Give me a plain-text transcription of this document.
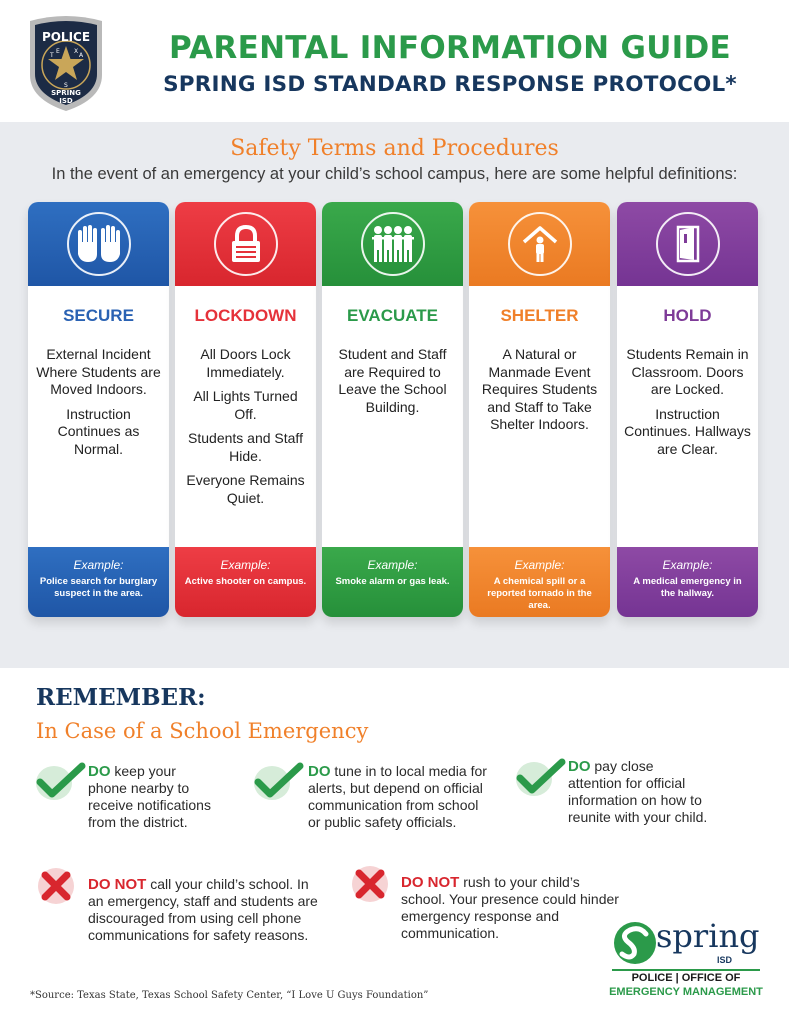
POLICE
T
E X
A
S
SPRING
ISD
PARENTAL INFORMATION GUIDE
SPRING ISD STANDARD RESPONSE PROTOCOL*
Safety Terms and Procedures
In the event of an emergency at your child’s school campus, here are some helpful definitions:
SECURE

External Incident Where Students are Moved Indoors.

Instruction Continues as Normal.

Example:
Police search for burglary suspect in the area.
LOCKDOWN

All Doors Lock Immediately.

All Lights Turned Off.

Students and Staff Hide.

Everyone Remains Quiet.

Example:
Active shooter on campus.
EVACUATE

Student and Staff are Required to Leave the School Building.

Example:
Smoke alarm or gas leak.
SHELTER

A Natural or Manmade Event Requires Students and Staff to Take Shelter Indoors.

Example:
A chemical spill or a reported tornado in the area.
HOLD

Students Remain in Classroom. Doors are Locked.

Instruction Continues. Hallways are Clear.

Example:
A medical emergency in the hallway.
REMEMBER:
In Case of a School Emergency
DO keep your phone nearby to receive notifications from the district.
DO tune in to local media for alerts, but depend on official communication from school or public safety officials.
DO pay close attention for official information on how to reunite with your child.
DO NOT call your child’s school. In an emergency, staff and students are discouraged from using cell phone communications for safety reasons.
DO NOT rush to your child’s school. Your presence could hinder emergency response and communication.
*Source: Texas State, Texas School Safety Center, “I Love U Guys Foundation”
spring
ISD
POLICE | OFFICE OF
EMERGENCY MANAGEMENT
